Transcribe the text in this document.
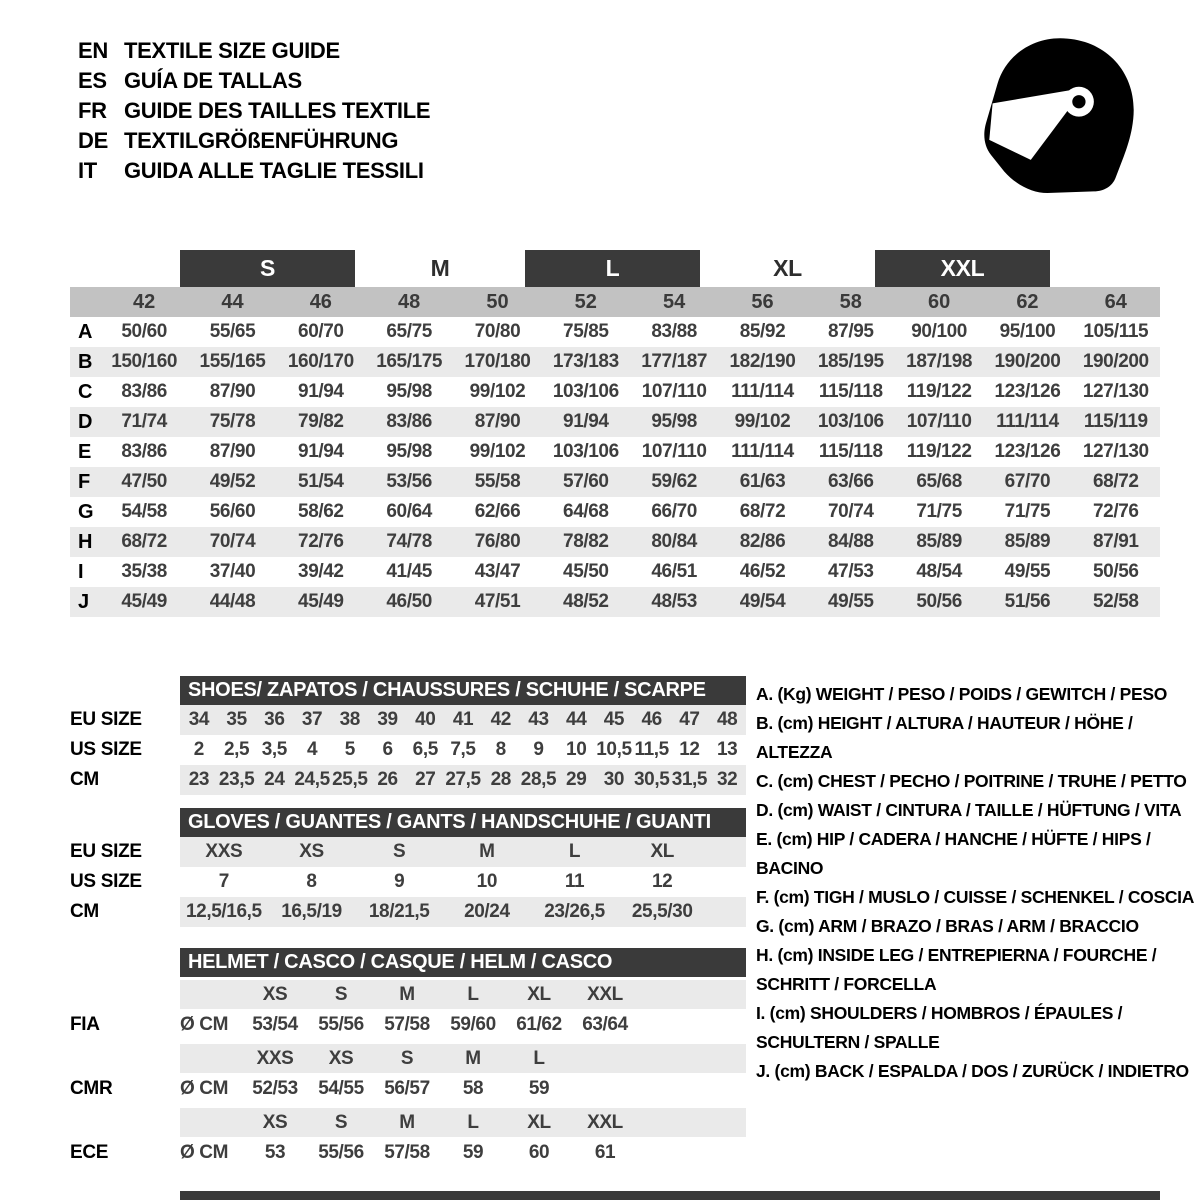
EN TEXTILE SIZE GUIDE
ES GUÍA DE TALLAS
FR GUIDE DES TAILLES TEXTILE
DE TEXTILGRÖßENFÜHRUNG
IT	GUIDA ALLE TAGLIE TESSILI
S	M	L	XL	XXL
42	44	46	48	50	52	54	56	58	60	62	64
A	50/60	55/65	60/70	65/75	70/80	75/85	83/88	85/92	87/95	90/100	95/100	105/115
B	150/160	155/165	160/170	165/175	170/180	173/183	177/187	182/190	185/195	187/198	190/200	190/200
C	83/86	87/90	91/94	95/98	99/102	103/106	107/110	111/114	115/118	119/122	123/126	127/130
D	71/74	75/78	79/82	83/86	87/90	91/94	95/98	99/102	103/106	107/110	111/114	115/119
E	83/86	87/90	91/94	95/98	99/102	103/106	107/110	111/114	115/118	119/122	123/126	127/130
F	47/50	49/52	51/54	53/56	55/58	57/60	59/62	61/63	63/66	65/68	67/70	68/72
G	54/58	56/60	58/62	60/64	62/66	64/68	66/70	68/72	70/74	71/75	71/75	72/76
H	68/72	70/74	72/76	74/78	76/80	78/82	80/84	82/86	84/88	85/89	85/89	87/91
I	35/38	37/40	39/42	41/45	43/47	45/50	46/51	46/52	47/53	48/54	49/55	50/56
J	45/49	44/48	45/49	46/50	47/51	48/52	48/53	49/54	49/55	50/56	51/56	52/58
SHOES/ ZAPATOS / CHAUSSURES / SCHUHE / SCARPE
EU SIZE	34 35 36 37 38 39 40 41 42 43 44 45 46 47 48
US SIZE	2	2,5 3,5	4	5	6	6,5 7,5	8	9	10 10,5 11,5 12 13
CM	23 23,5 24 24,5 25,5 26 27 27,5 28 28,5 29 30 30,5 31,5 32
GLOVES / GUANTES / GANTS / HANDSCHUHE / GUANTI
EU SIZE	XXS	XS	S	M	L	XL
US SIZE	7	8	9	10	11	12
CM	12,5/16,5	16,5/19	18/21,5	20/24	23/26,5	25,5/30
HELMET / CASCO / CASQUE / HELM / CASCO
XS	S	M	L	XL	XXL
FIA	Ø CM	53/54	55/56	57/58	59/60	61/62	63/64
XXS	XS	S	M	L
CMR	Ø CM	52/53	54/55	56/57	58	59
XS	S	M	L	XL	XXL
ECE	Ø CM	53	55/56	57/58	59	60	61
A. (Kg) WEIGHT / PESO / POIDS / GEWITCH / PESO
B. (cm) HEIGHT / ALTURA / HAUTEUR / HÖHE / ALTEZZA
C. (cm) CHEST / PECHO / POITRINE / TRUHE / PETTO
D. (cm) WAIST / CINTURA / TAILLE / HÜFTUNG / VITA
E. (cm) HIP / CADERA / HANCHE / HÜFTE / HIPS / BACINO
F. (cm) TIGH / MUSLO / CUISSE / SCHENKEL / COSCIA
G. (cm) ARM / BRAZO / BRAS / ARM / BRACCIO
H. (cm) INSIDE LEG / ENTREPIERNA / FOURCHE / SCHRITT / FORCELLA
I. (cm) SHOULDERS / HOMBROS / ÉPAULES / SCHULTERN / SPALLE
J. (cm) BACK / ESPALDA / DOS / ZURÜCK / INDIETRO
